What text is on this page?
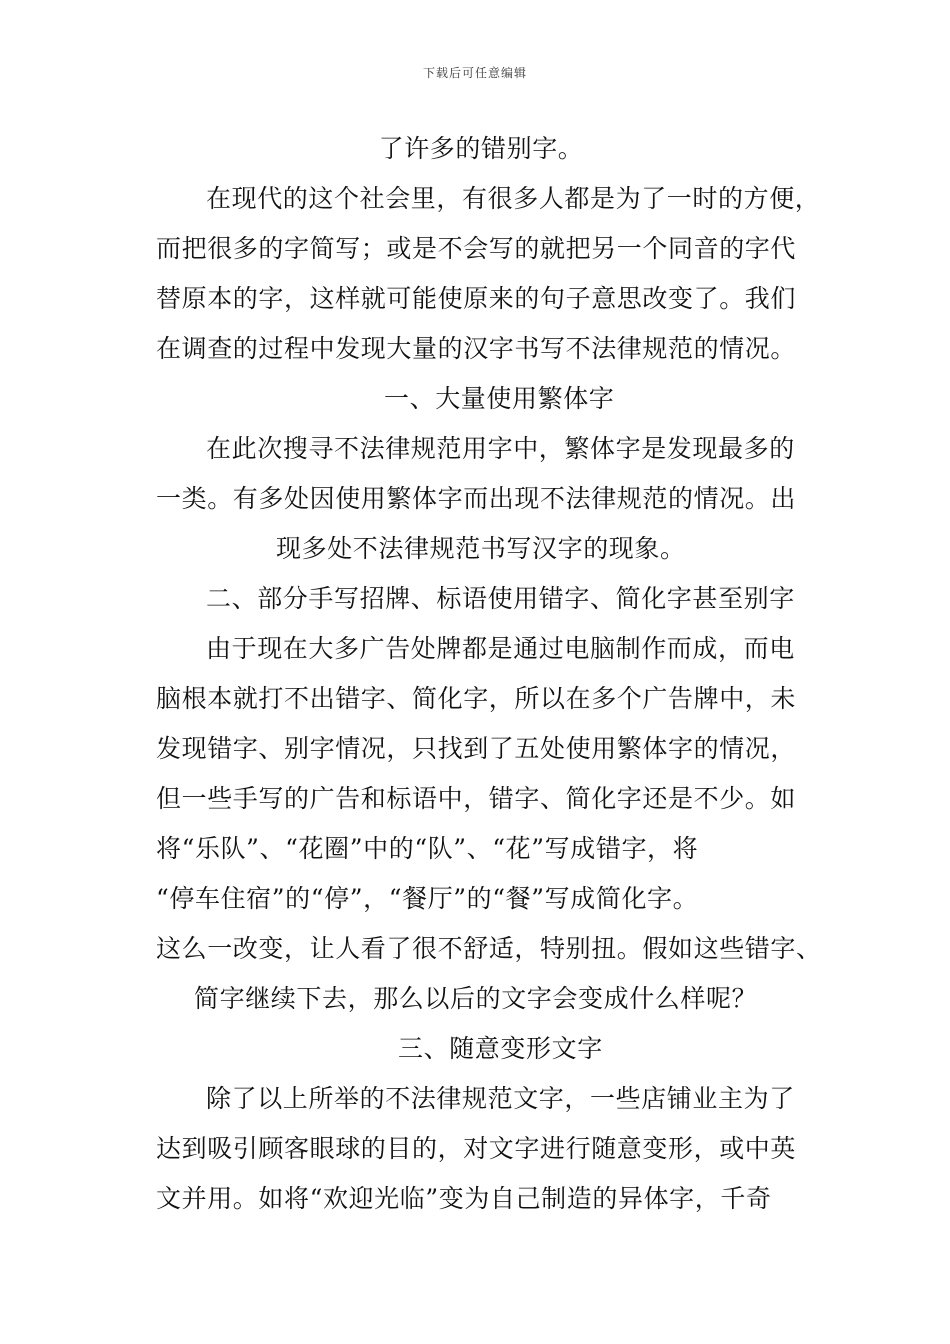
下载后可任意编辑
了许多的错别字。
在现代的这个社会里，有很多人都是为了一时的方便，
而把很多的字简写；或是不会写的就把另一个同音的字代
替原本的字，这样就可能使原来的句子意思改变了。我们
在调查的过程中发现大量的汉字书写不法律规范的情况。
一、大量使用繁体字
在此次搜寻不法律规范用字中，繁体字是发现最多的
一类。有多处因使用繁体字而出现不法律规范的情况。出
现多处不法律规范书写汉字的现象。
二、部分手写招牌、标语使用错字、简化字甚至别字
由于现在大多广告处牌都是通过电脑制作而成，而电
脑根本就打不出错字、简化字，所以在多个广告牌中，未
发现错字、别字情况，只找到了五处使用繁体字的情况，
但一些手写的广告和标语中，错字、简化字还是不少。如
将“乐队”、“花圈”中的“队”、“花”写成错字，将
“停车住宿”的“停”，“餐厅”的“餐”写成简化字。
这么一改变，让人看了很不舒适，特别扭。假如这些错字、
简字继续下去，那么以后的文字会变成什么样呢？
三、随意变形文字
除了以上所举的不法律规范文字，一些店铺业主为了
达到吸引顾客眼球的目的，对文字进行随意变形，或中英
文并用。如将“欢迎光临”变为自己制造的异体字，千奇
